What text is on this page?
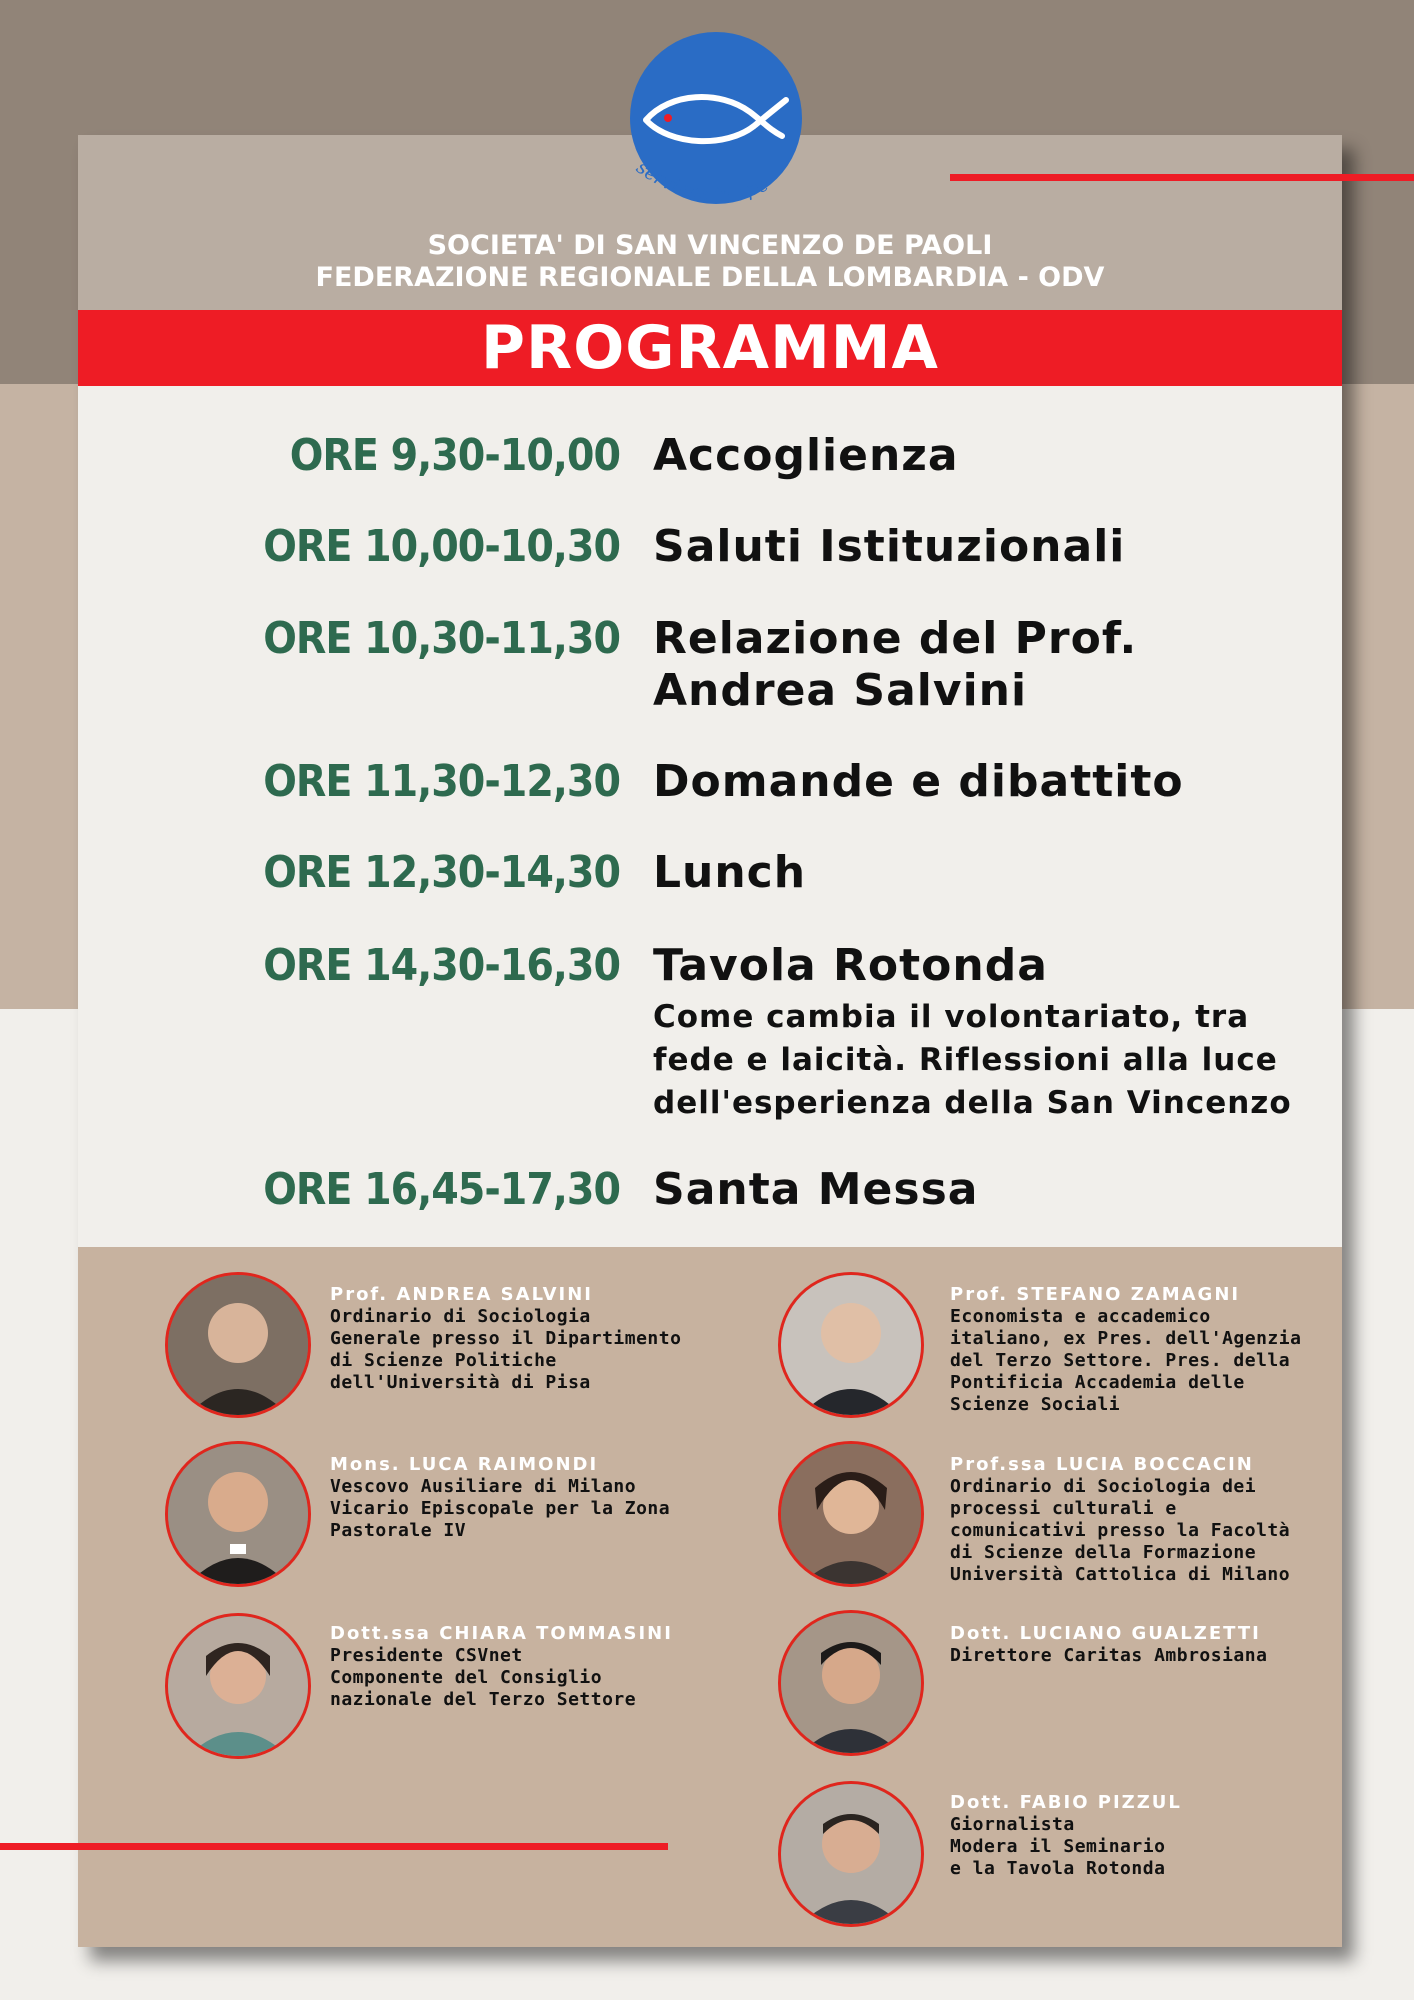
PROGRAMMA
serviens in spe
SOCIETA' DI SAN VINCENZO DE PAOLI
FEDERAZIONE REGIONALE DELLA LOMBARDIA - ODV
ORE 9,30-10,00 Accoglienza
ORE 10,00-10,30 Saluti Istituzionali
ORE 10,30-11,30 Relazione del Prof.
Andrea Salvini
ORE 11,30-12,30 Domande e dibattito
ORE 12,30-14,30 Lunch
ORE 14,30-16,30 Tavola Rotonda
Come cambia il volontariato, tra
fede e laicità. Riflessioni alla luce
dell'esperienza della San Vincenzo
ORE 16,45-17,30 Santa Messa
Prof. ANDREA SALVINI
Ordinario di Sociologia
Generale presso il Dipartimento
di Scienze Politiche
dell'Università di Pisa
Mons. LUCA RAIMONDI
Vescovo Ausiliare di Milano
Vicario Episcopale per la Zona
Pastorale IV
Dott.ssa CHIARA TOMMASINI
Presidente CSVnet
Componente del Consiglio
nazionale del Terzo Settore
Prof. STEFANO ZAMAGNI
Economista e accademico
italiano, ex Pres. dell'Agenzia
del Terzo Settore. Pres. della
Pontificia Accademia delle
Scienze Sociali
Prof.ssa LUCIA BOCCACIN
Ordinario di Sociologia dei
processi culturali e
comunicativi presso la Facoltà
di Scienze della Formazione
Università Cattolica di Milano
Dott. LUCIANO GUALZETTI
Direttore Caritas Ambrosiana
Dott. FABIO PIZZUL
Giornalista
Modera il Seminario
e la Tavola Rotonda
